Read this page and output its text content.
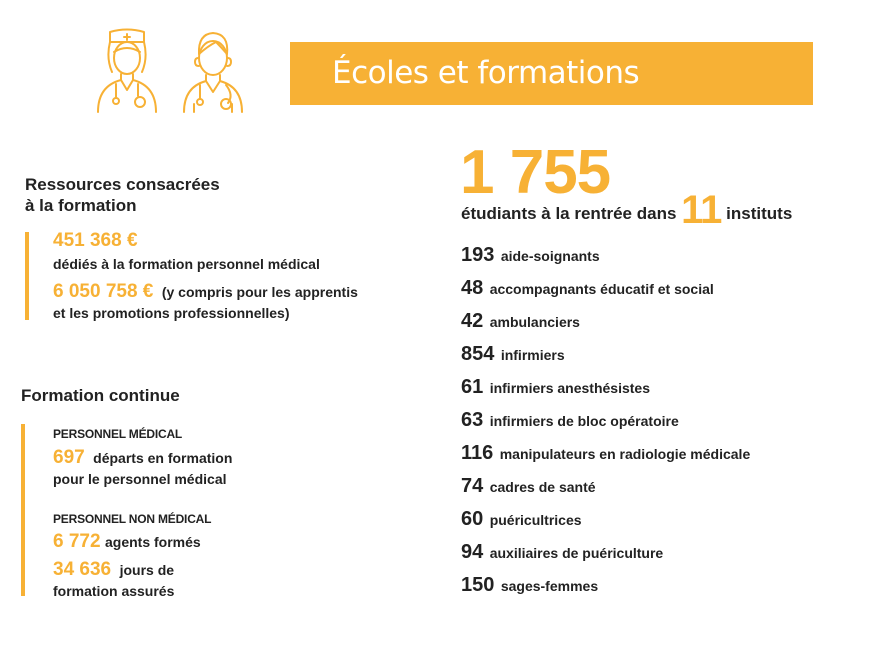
Écoles et formations
Ressources consacrées
à la formation
451 368 €
dédiés à la formation personnel médical
6 050 758 € (y compris pour les apprentis
et les promotions professionnelles)
Formation continue
PERSONNEL MÉDICAL
697 départs en formation
pour le personnel médical
PERSONNEL NON MÉDICAL
6 772 agents formés
34 636 jours de
formation assurés
1 755
étudiants à la rentrée dans 11 instituts
193 aide-soignants
48 accompagnants éducatif et social
42 ambulanciers
854 infirmiers
61 infirmiers anesthésistes
63 infirmiers de bloc opératoire
116 manipulateurs en radiologie médicale
74 cadres de santé
60 puéricultrices
94 auxiliaires de puériculture
150 sages-femmes
